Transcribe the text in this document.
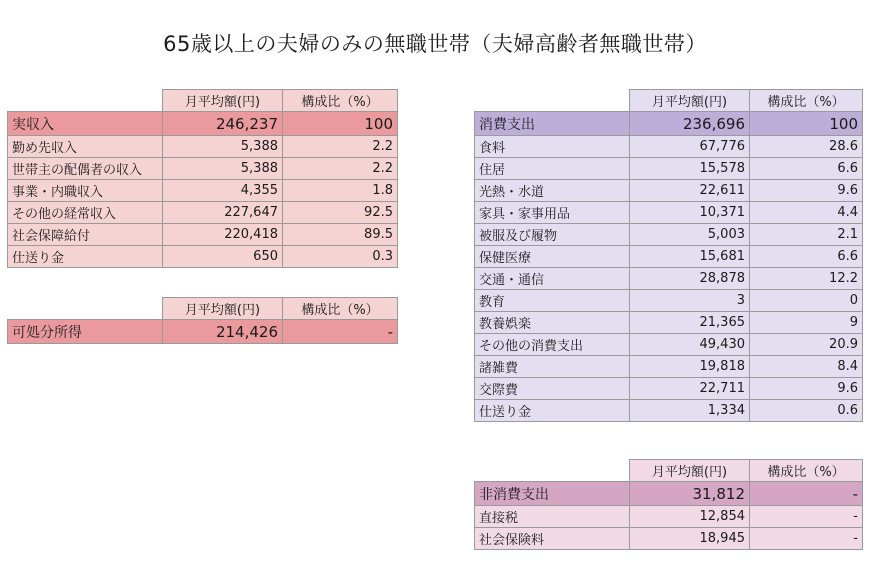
65歳以上の夫婦のみの無職世帯（夫婦高齢者無職世帯）
	月平均額(円)	構成比（%）
実収入	246,237	100
勤め先収入	5,388	2.2
世帯主の配偶者の収入	5,388	2.2
事業・内職収入	4,355	1.8
その他の経常収入	227,647	92.5
社会保障給付	220,418	89.5
仕送り金	650	0.3
	月平均額(円)	構成比（%）
可処分所得	214,426	-
	月平均額(円)	構成比（%）
消費支出	236,696	100
食料	67,776	28.6
住居	15,578	6.6
光熱・水道	22,611	9.6
家具・家事用品	10,371	4.4
被服及び履物	5,003	2.1
保健医療	15,681	6.6
交通・通信	28,878	12.2
教育	3	0
教養娯楽	21,365	9
その他の消費支出	49,430	20.9
諸雑費	19,818	8.4
交際費	22,711	9.6
仕送り金	1,334	0.6
	月平均額(円)	構成比（%）
非消費支出	31,812	-
直接税	12,854	-
社会保険料	18,945	-
